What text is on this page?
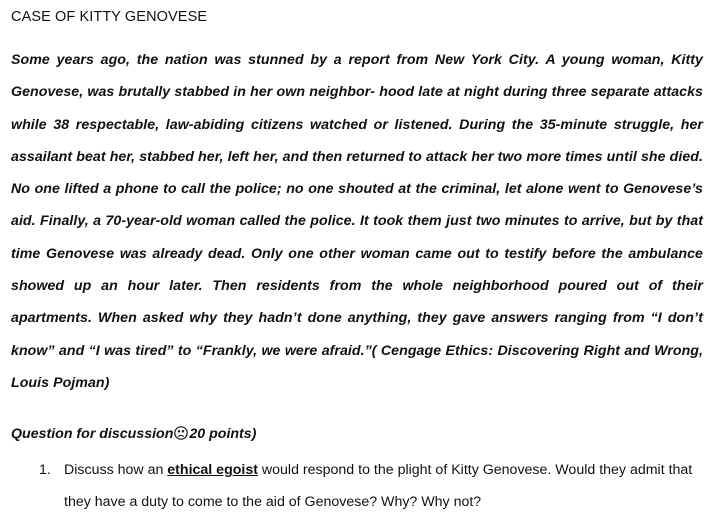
CASE OF KITTY GENOVESE
Some years ago, the nation was stunned by a report from New York City. A young woman, Kitty Genovese, was brutally stabbed in her own neighbor- hood late at night during three separate attacks while 38 respectable, law-abiding citizens watched or listened. During the 35-minute struggle, her assailant beat her, stabbed her, left her, and then returned to attack her two more times until she died. No one lifted a phone to call the police; no one shouted at the criminal, let alone went to Genovese’s aid. Finally, a 70-year-old woman called the police. It took them just two minutes to arrive, but by that time Genovese was already dead. Only one other woman came out to testify before the ambulance showed up an hour later. Then residents from the whole neighborhood poured out of their apartments. When asked why they hadn’t done anything, they gave answers ranging from “I don’t know” and “I was tired” to “Frankly, we were afraid.”( Cengage Ethics: Discovering Right and Wrong, Louis Pojman)
Question for discussion 20 points)
1. Discuss how an ethical egoist would respond to the plight of Kitty Genovese. Would they admit that they have a duty to come to the aid of Genovese? Why? Why not?
